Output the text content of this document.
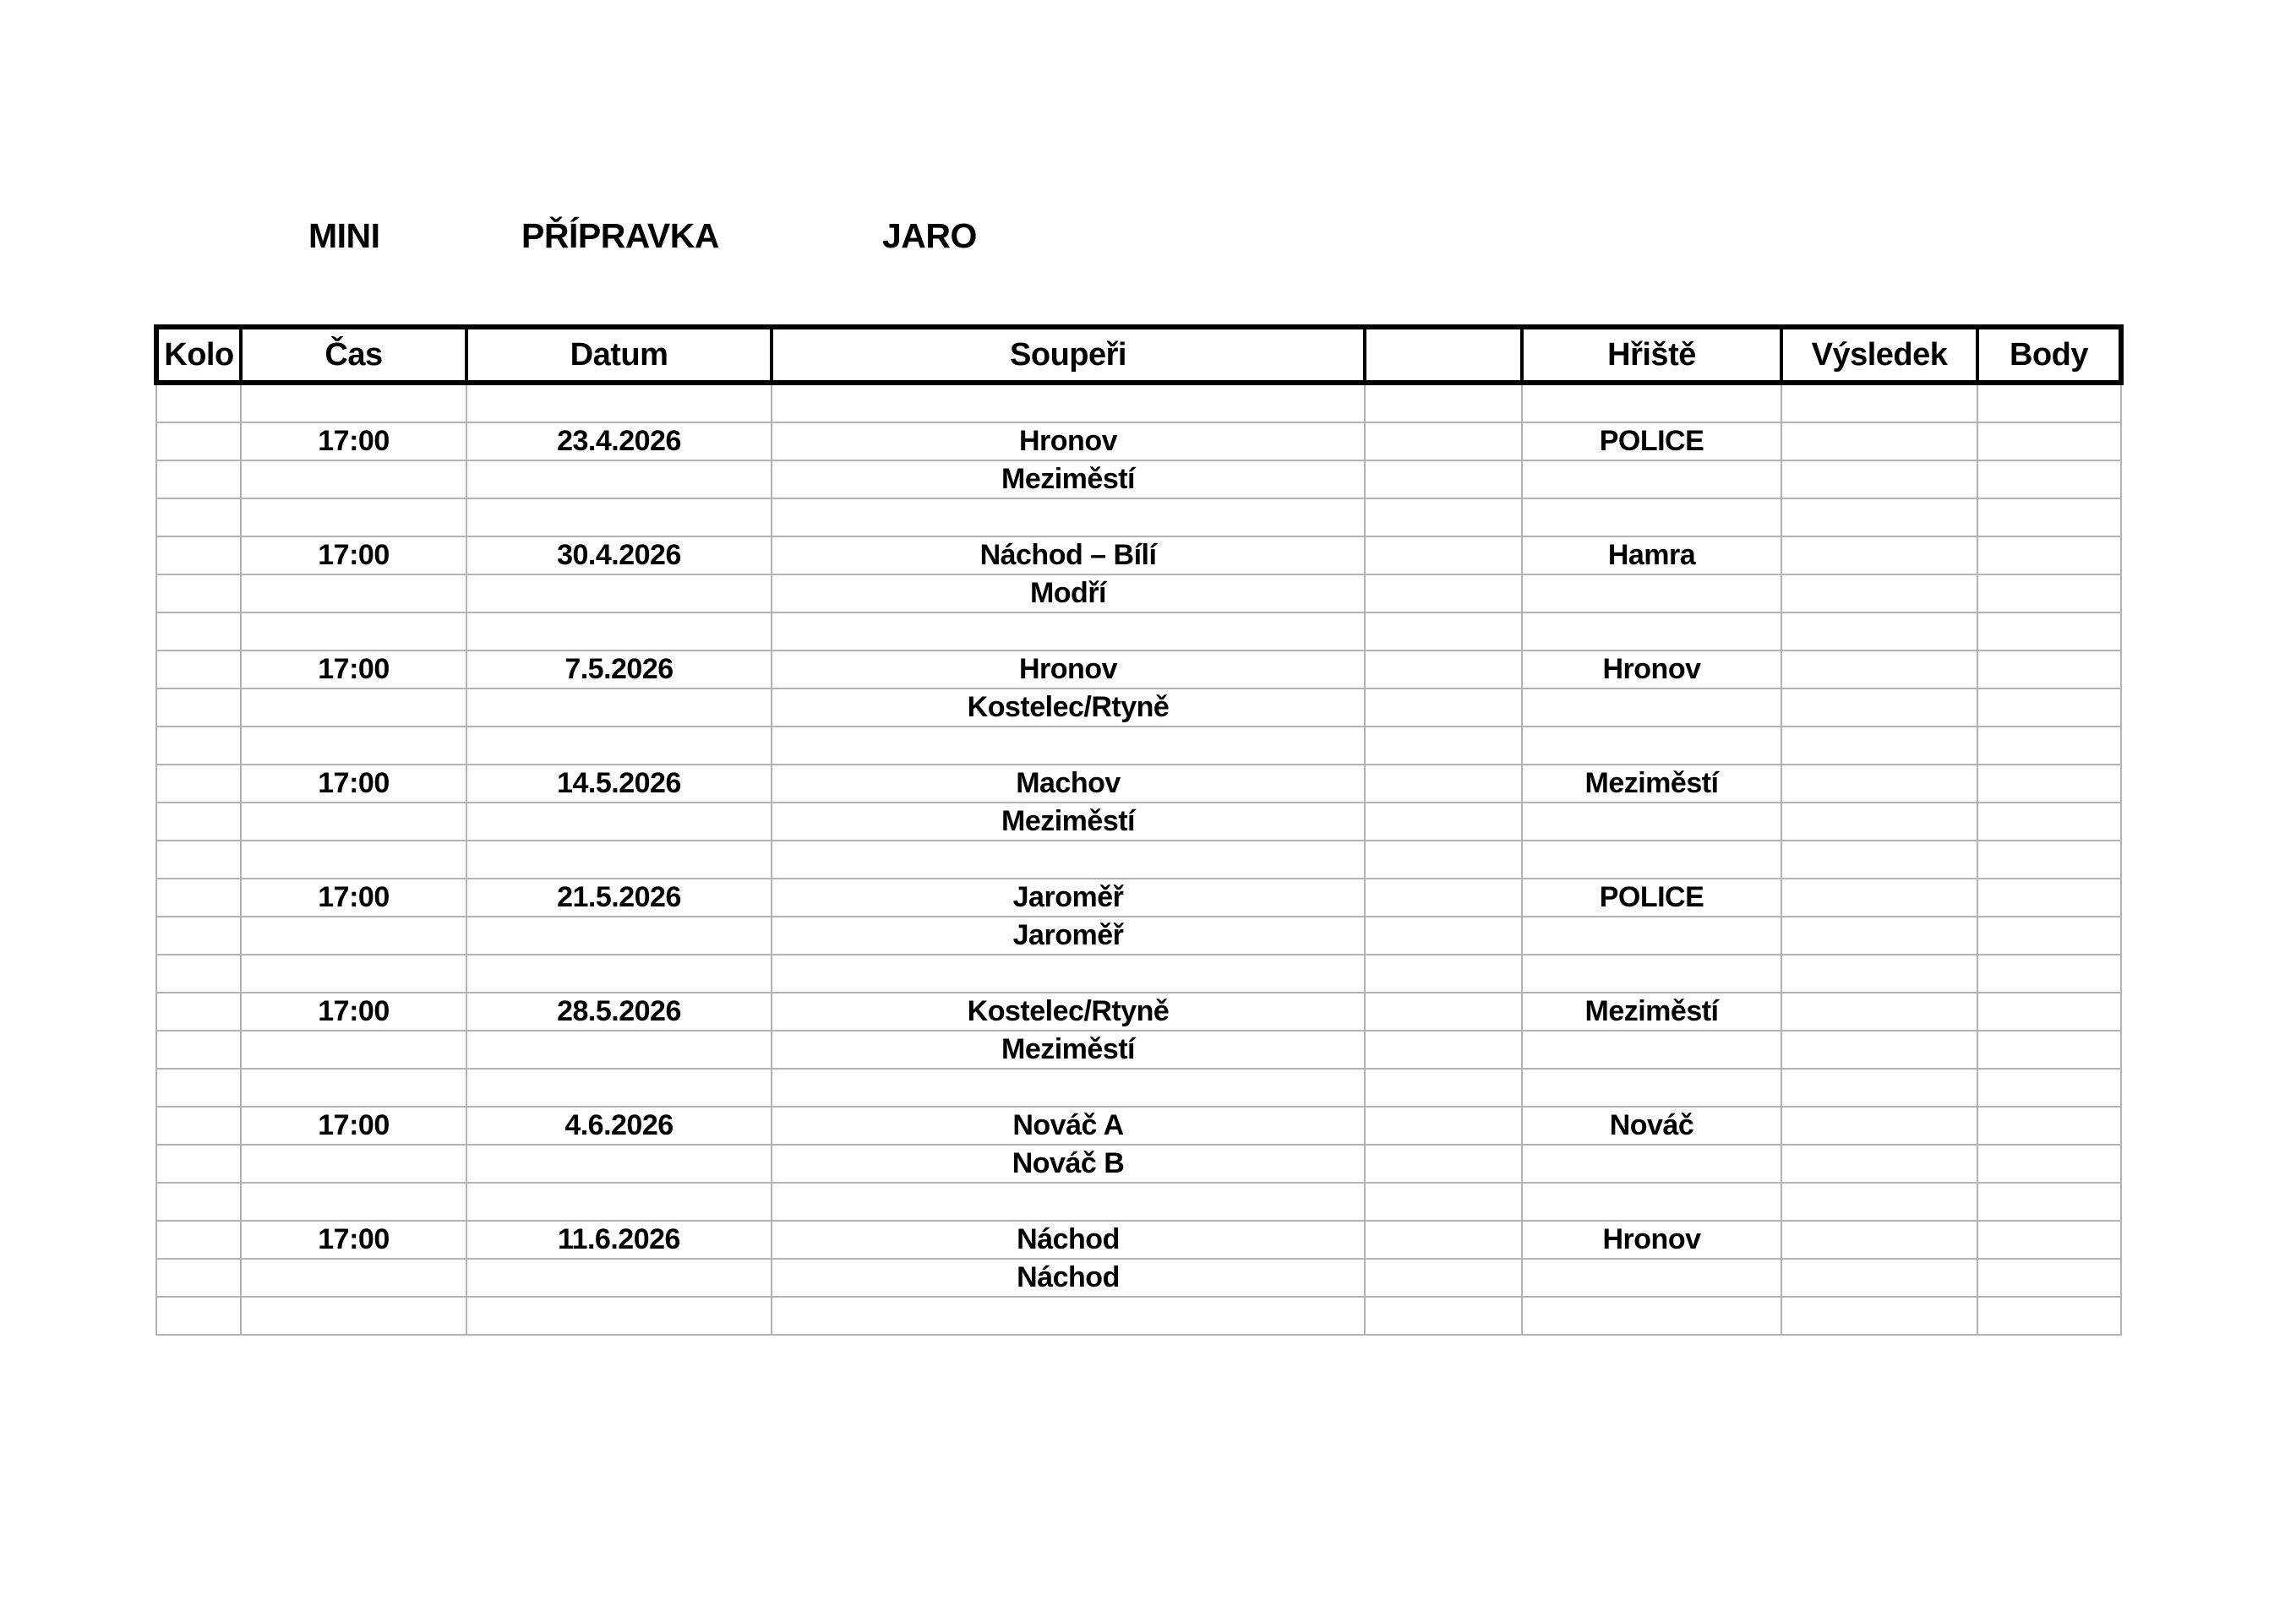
MINI	PŘÍPRAVKA	JARO
Kolo	Čas	Datum	Soupeři		Hřiště	Výsledek	Body

	17:00	23.4.2026	Hronov		POLICE		
			Meziměstí				

	17:00	30.4.2026	Náchod – Bílí		Hamra		
			Modří				

	17:00	7.5.2026	Hronov		Hronov		
			Kostelec/Rtyně				

	17:00	14.5.2026	Machov		Meziměstí		
			Meziměstí				

	17:00	21.5.2026	Jaroměř		POLICE		
			Jaroměř				

	17:00	28.5.2026	Kostelec/Rtyně		Meziměstí		
			Meziměstí				

	17:00	4.6.2026	Nováč A		Nováč		
			Nováč B				

	17:00	11.6.2026	Náchod		Hronov		
			Náchod				
